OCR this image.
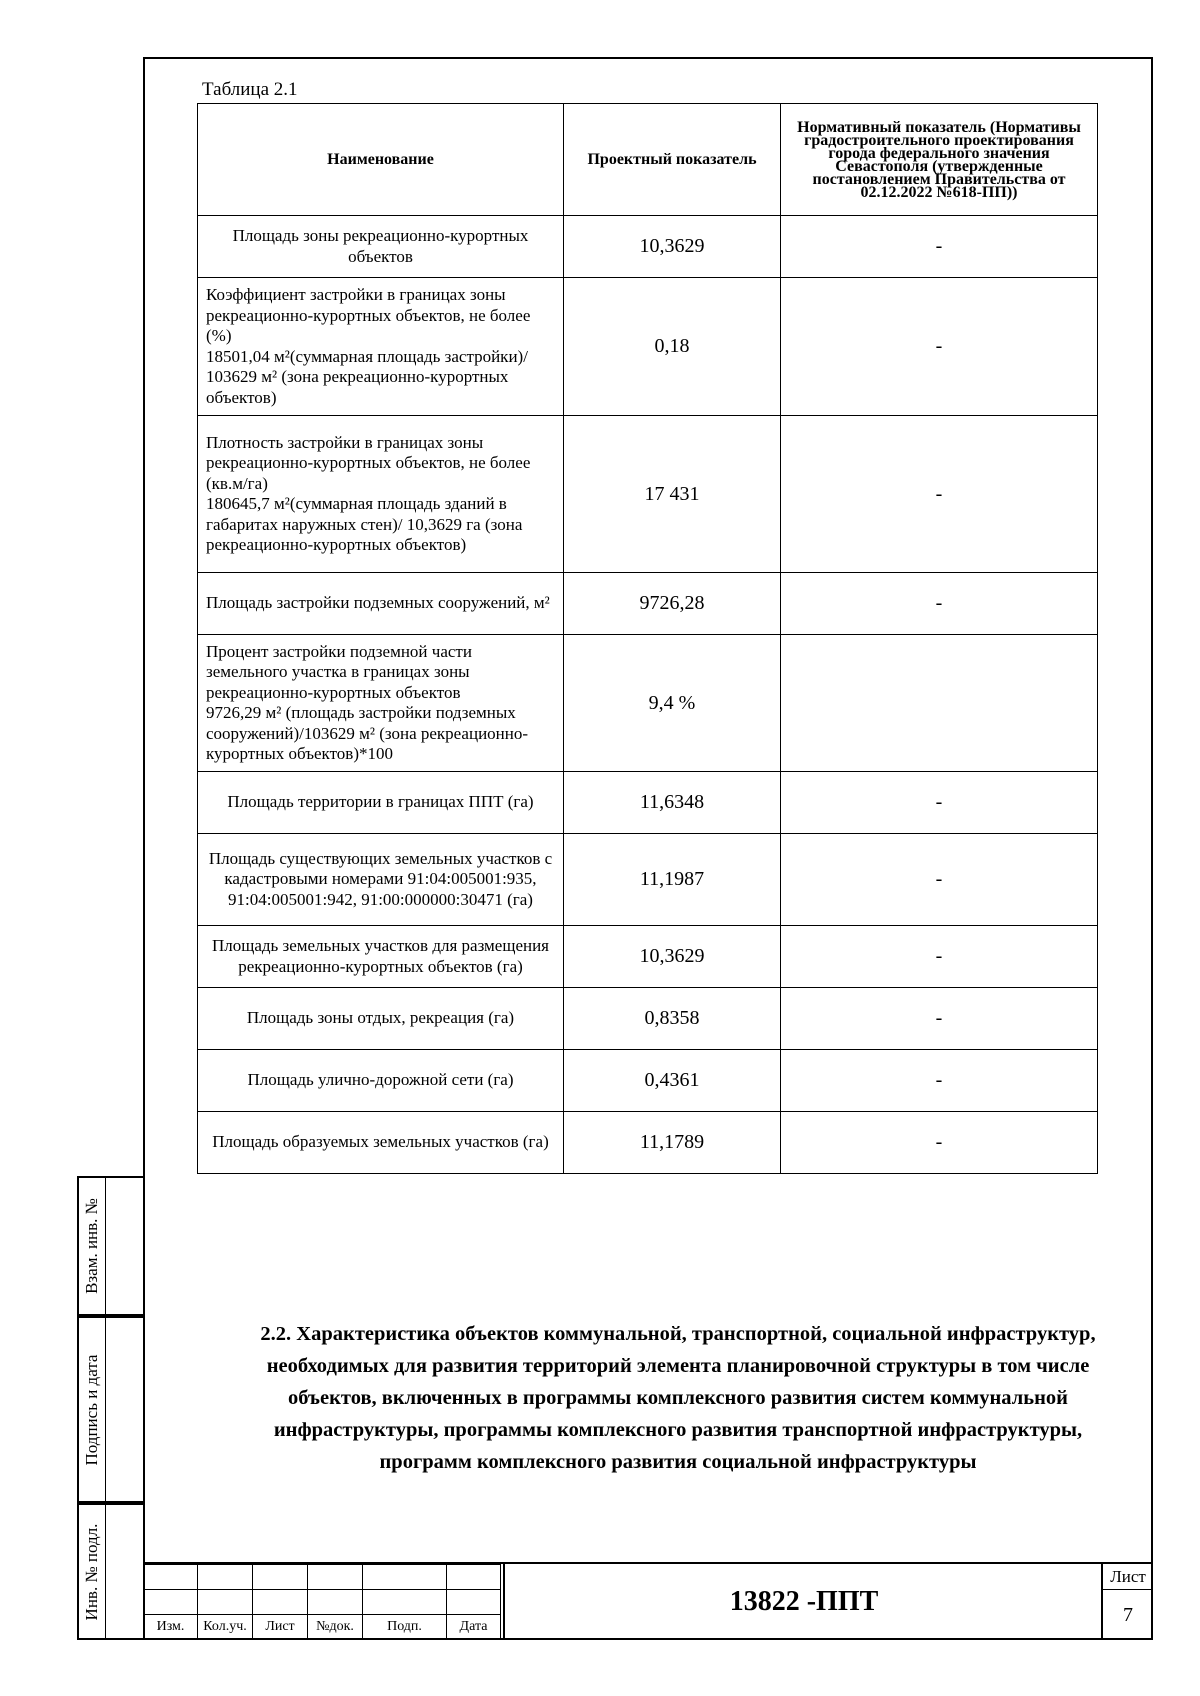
Таблица 2.1
Наименование	Проектный показатель	Нормативный показатель (Нормативы градостроительного проектирования города федерального значения Севастополя (утвержденные постановлением Правительства от 02.12.2022 №618-ПП))
Площадь зоны рекреационно-курортных объектов	10,3629	-
Коэффициент застройки в границах зоны рекреационно-курортных объектов, не более (%)
18501,04 м²(суммарная площадь застройки)/ 103629 м² (зона рекреационно-курортных объектов)	0,18	-
Плотность застройки в границах зоны рекреационно-курортных объектов, не более (кв.м/га)
180645,7 м²(суммарная площадь зданий в габаритах наружных стен)/ 10,3629 га (зона рекреационно-курортных объектов)	17 431	-
Площадь застройки подземных сооружений, м²	9726,28	-
Процент застройки подземной части земельного участка в границах зоны рекреационно-курортных объектов
9726,29 м² (площадь застройки подземных сооружений)/103629 м² (зона рекреационно-курортных объектов)*100	9,4 %	
Площадь территории в границах ППТ (га)	11,6348	-
Площадь существующих земельных участков с кадастровыми номерами 91:04:005001:935, 91:04:005001:942, 91:00:000000:30471 (га)	11,1987	-
Площадь земельных участков для размещения рекреационно-курортных объектов (га)	10,3629	-
Площадь зоны отдых, рекреация (га)	0,8358	-
Площадь улично-дорожной сети (га)	0,4361	-
Площадь образуемых земельных участков (га)	11,1789	-
2.2. Характеристика объектов коммунальной, транспортной, социальной инфраструктур, необходимых для развития территорий элемента планировочной структуры в том числе объектов, включенных в программы комплексного развития систем коммунальной инфраструктуры, программы комплексного развития транспортной инфраструктуры, программ комплексного развития социальной инфраструктуры
Взам. инв. №
Подпись и дата
Инв. № подл.

Изм.	Кол.уч.	Лист	№док.	Подп.	Дата
13822 -ППТ
Лист
7
